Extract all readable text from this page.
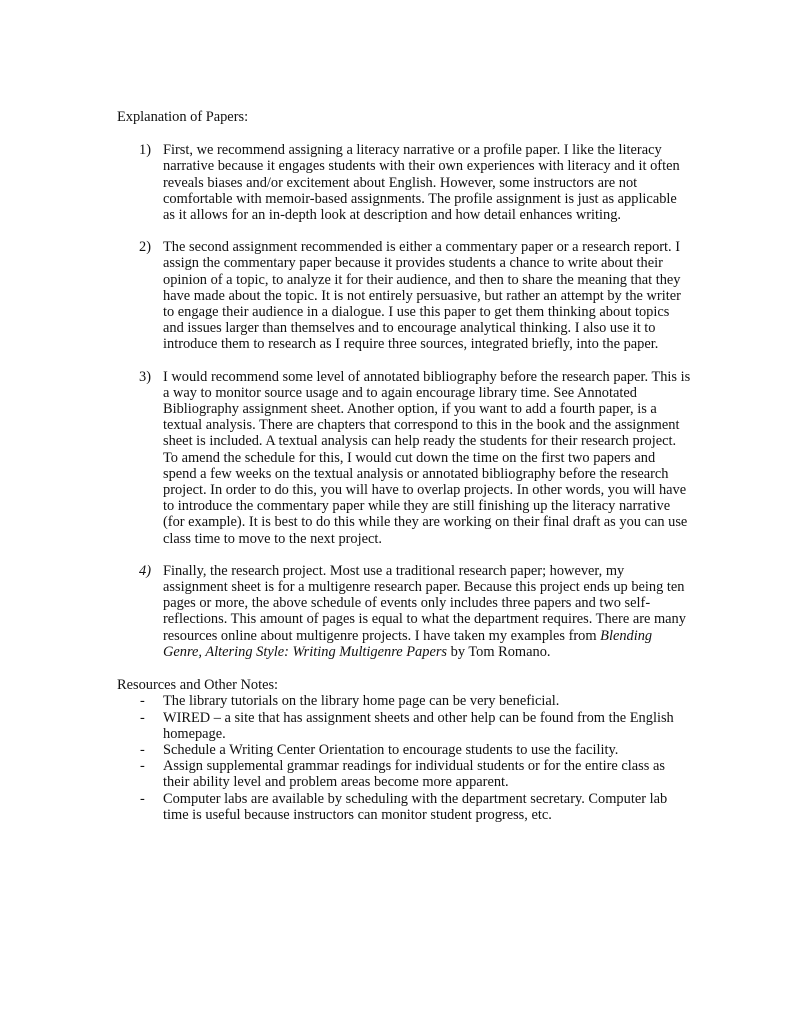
Explanation of Papers:
1) First, we recommend assigning a literacy narrative or a profile paper. I like the literacy narrative because it engages students with their own experiences with literacy and it often reveals biases and/or excitement about English. However, some instructors are not comfortable with memoir-based assignments. The profile assignment is just as applicable as it allows for an in-depth look at description and how detail enhances writing.
2) The second assignment recommended is either a commentary paper or a research report. I assign the commentary paper because it provides students a chance to write about their opinion of a topic, to analyze it for their audience, and then to share the meaning that they have made about the topic. It is not entirely persuasive, but rather an attempt by the writer to engage their audience in a dialogue. I use this paper to get them thinking about topics and issues larger than themselves and to encourage analytical thinking. I also use it to introduce them to research as I require three sources, integrated briefly, into the paper.
3) I would recommend some level of annotated bibliography before the research paper. This is a way to monitor source usage and to again encourage library time. See Annotated Bibliography assignment sheet. Another option, if you want to add a fourth paper, is a textual analysis. There are chapters that correspond to this in the book and the assignment sheet is included. A textual analysis can help ready the students for their research project. To amend the schedule for this, I would cut down the time on the first two papers and spend a few weeks on the textual analysis or annotated bibliography before the research project. In order to do this, you will have to overlap projects. In other words, you will have to introduce the commentary paper while they are still finishing up the literacy narrative (for example). It is best to do this while they are working on their final draft as you can use class time to move to the next project.
4) Finally, the research project. Most use a traditional research paper; however, my assignment sheet is for a multigenre research paper. Because this project ends up being ten pages or more, the above schedule of events only includes three papers and two self-reflections. This amount of pages is equal to what the department requires. There are many resources online about multigenre projects. I have taken my examples from Blending Genre, Altering Style: Writing Multigenre Papers by Tom Romano.
Resources and Other Notes:
- The library tutorials on the library home page can be very beneficial.
- WIRED – a site that has assignment sheets and other help can be found from the English homepage.
- Schedule a Writing Center Orientation to encourage students to use the facility.
- Assign supplemental grammar readings for individual students or for the entire class as their ability level and problem areas become more apparent.
- Computer labs are available by scheduling with the department secretary. Computer lab time is useful because instructors can monitor student progress, etc.
